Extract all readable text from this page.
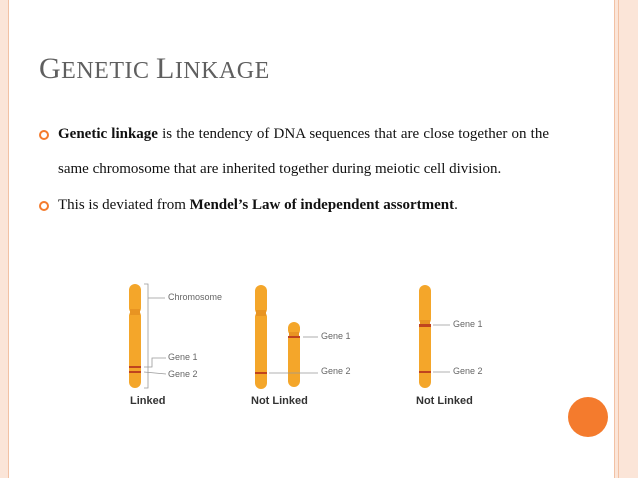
GENETIC LINKAGE
Genetic linkage is the tendency of DNA sequences that are close together on the same chromosome that are inherited together during meiotic cell division.
This is deviated from Mendel’s Law of independent assortment.
Chromosome
Gene 1
Gene 2
Gene 1
Gene 2
Gene 1
Gene 2
Linked	Not Linked	Not Linked
